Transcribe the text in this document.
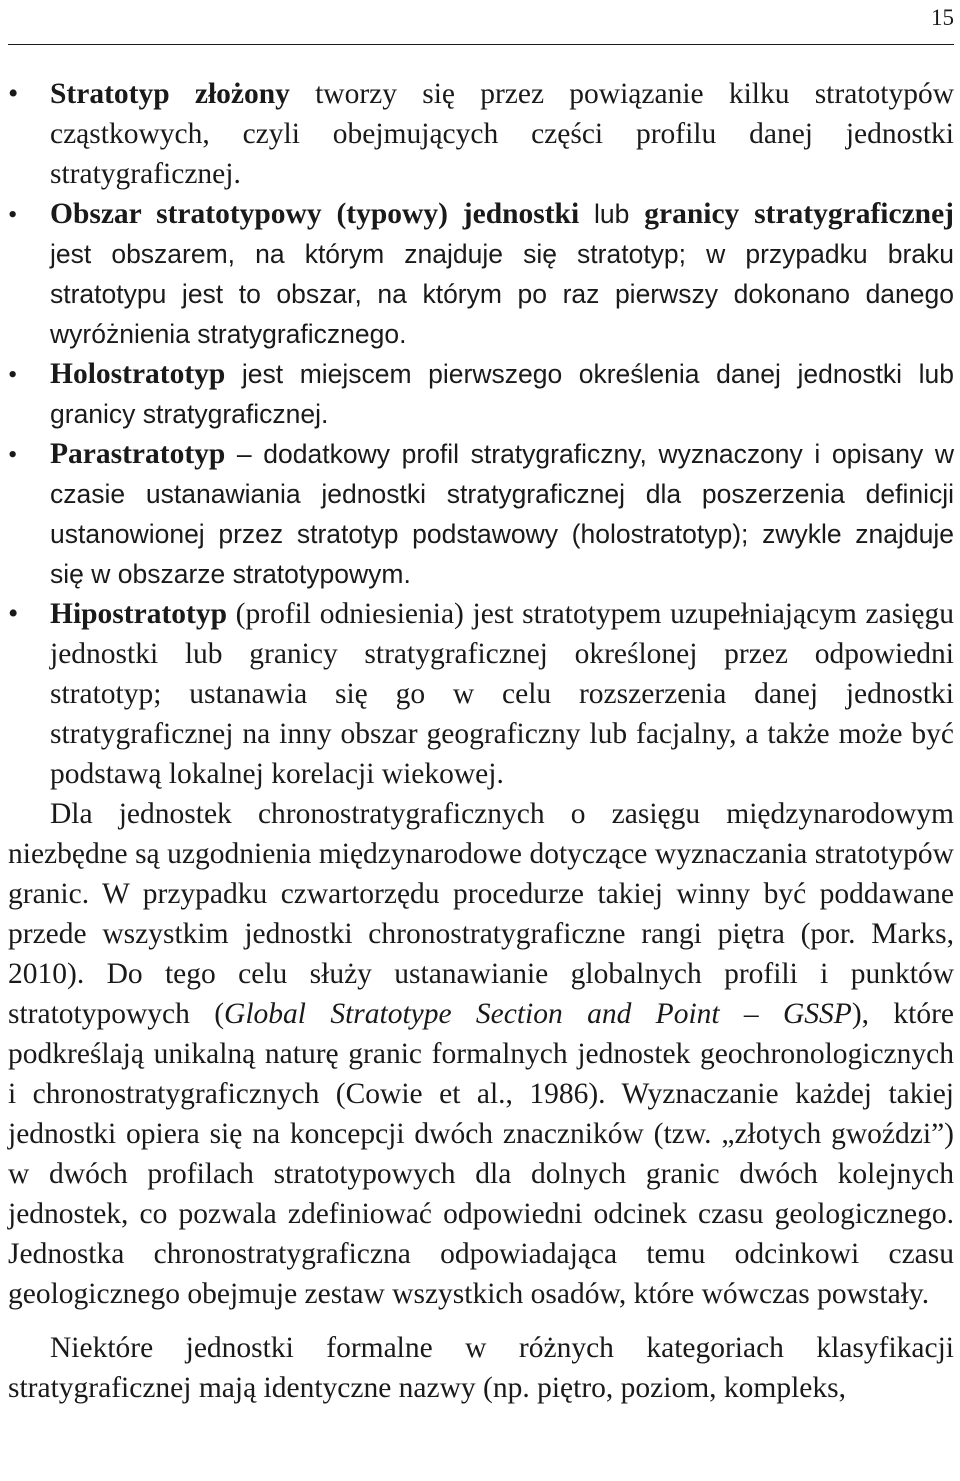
15
•	Stratotyp złożony tworzy się przez powiązanie kilku stratotypów cząstkowych, czyli obejmujących części profilu danej jednostki stratygraficznej.
•	Obszar stratotypowy (typowy) jednostki lub granicy stratygraficznej jest obszarem, na którym znajduje się stratotyp; w przypadku braku stratotypu jest to obszar, na którym po raz pierwszy dokonano danego wyróżnienia stratygraficznego.
•	Holostratotyp jest miejscem pierwszego określenia danej jednostki lub granicy stratygraficznej.
•	Parastratotyp – dodatkowy profil stratygraficzny, wyznaczony i opisany w czasie ustanawiania jednostki stratygraficznej dla poszerzenia definicji ustanowionej przez stratotyp podstawowy (holostratotyp); zwykle znajduje się w obszarze stratotypowym.
•	Hipostratotyp (profil odniesienia) jest stratotypem uzupełniającym zasięgu jednostki lub granicy stratygraficznej określonej przez odpowiedni stratotyp; ustanawia się go w celu rozszerzenia danej jednostki stratygraficznej na inny obszar geograficzny lub facjalny, a także może być podstawą lokalnej korelacji wiekowej.

Dla jednostek chronostratygraficznych o zasięgu międzynarodowym niezbędne są uzgodnienia międzynarodowe dotyczące wyznaczania stratotypów granic. W przypadku czwartorzędu procedurze takiej winny być poddawane przede wszystkim jednostki chronostratygraficzne rangi piętra (por. Marks, 2010). Do tego celu służy ustanawianie globalnych profili i punktów stratotypowych (Global Stratotype Section and Point – GSSP), które podkreślają unikalną naturę granic formalnych jednostek geochronologicznych i chronostratygraficznych (Cowie et al., 1986). Wyznaczanie każdej takiej jednostki opiera się na koncepcji dwóch znaczników (tzw. „złotych gwoździ”) w dwóch profilach stratotypowych dla dolnych granic dwóch kolejnych jednostek, co pozwala zdefiniować odpowiedni odcinek czasu geologicznego. Jednostka chronostratygraficzna odpowiadająca temu odcinkowi czasu geologicznego obejmuje zestaw wszystkich osadów, które wówczas powstały.

Niektóre jednostki formalne w różnych kategoriach klasyfikacji stratygraficznej mają identyczne nazwy (np. piętro, poziom, kompleks,
